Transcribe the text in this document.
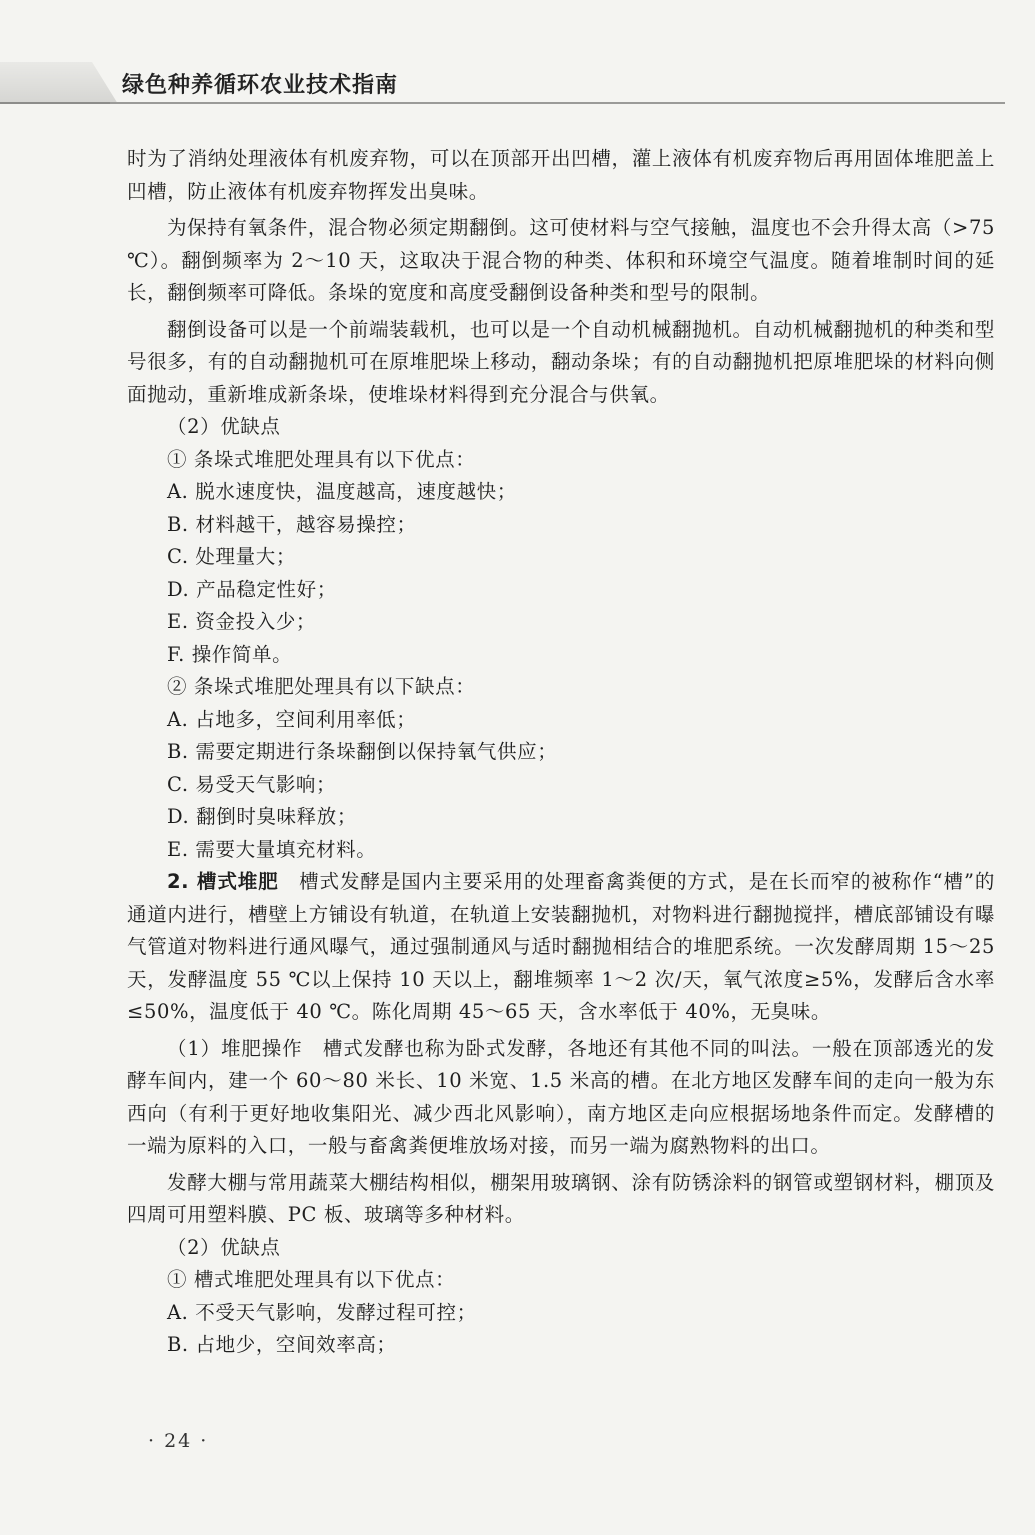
绿色种养循环农业技术指南

时为了消纳处理液体有机废弃物，可以在顶部开出凹槽，灌上液体有机废弃物后再用固体堆肥盖上凹槽，防止液体有机废弃物挥发出臭味。

为保持有氧条件，混合物必须定期翻倒。这可使材料与空气接触，温度也不会升得太高（>75 ℃）。翻倒频率为 2～10 天，这取决于混合物的种类、体积和环境空气温度。随着堆制时间的延长，翻倒频率可降低。条垛的宽度和高度受翻倒设备种类和型号的限制。

翻倒设备可以是一个前端装载机，也可以是一个自动机械翻抛机。自动机械翻抛机的种类和型号很多，有的自动翻抛机可在原堆肥垛上移动，翻动条垛；有的自动翻抛机把原堆肥垛的材料向侧面抛动，重新堆成新条垛，使堆垛材料得到充分混合与供氧。

（2）优缺点

① 条垛式堆肥处理具有以下优点：

A. 脱水速度快，温度越高，速度越快；

B. 材料越干，越容易操控；

C. 处理量大；

D. 产品稳定性好；

E. 资金投入少；

F. 操作简单。

② 条垛式堆肥处理具有以下缺点：

A. 占地多，空间利用率低；

B. 需要定期进行条垛翻倒以保持氧气供应；

C. 易受天气影响；

D. 翻倒时臭味释放；

E. 需要大量填充材料。

2. 槽式堆肥　 槽式发酵是国内主要采用的处理畜禽粪便的方式，是在长而窄的被称作“槽”的通道内进行，槽壁上方铺设有轨道，在轨道上安装翻抛机，对物料进行翻抛搅拌，槽底部铺设有曝气管道对物料进行通风曝气，通过强制通风与适时翻抛相结合的堆肥系统。一次发酵周期 15～25 天，发酵温度 55 ℃以上保持 10 天以上，翻堆频率 1～2 次/天，氧气浓度≥5%，发酵后含水率≤50%，温度低于 40 ℃。陈化周期 45～65 天，含水率低于 40%，无臭味。

（1）堆肥操作　 槽式发酵也称为卧式发酵，各地还有其他不同的叫法。一般在顶部透光的发酵车间内，建一个 60～80 米长、10 米宽、1.5 米高的槽。在北方地区发酵车间的走向一般为东西向（有利于更好地收集阳光、减少西北风影响），南方地区走向应根据场地条件而定。发酵槽的一端为原料的入口，一般与畜禽粪便堆放场对接，而另一端为腐熟物料的出口。

发酵大棚与常用蔬菜大棚结构相似，棚架用玻璃钢、涂有防锈涂料的钢管或塑钢材料，棚顶及四周可用塑料膜、PC 板、玻璃等多种材料。

（2）优缺点

① 槽式堆肥处理具有以下优点：

A. 不受天气影响，发酵过程可控；

B. 占地少，空间效率高；

· 24 ·
